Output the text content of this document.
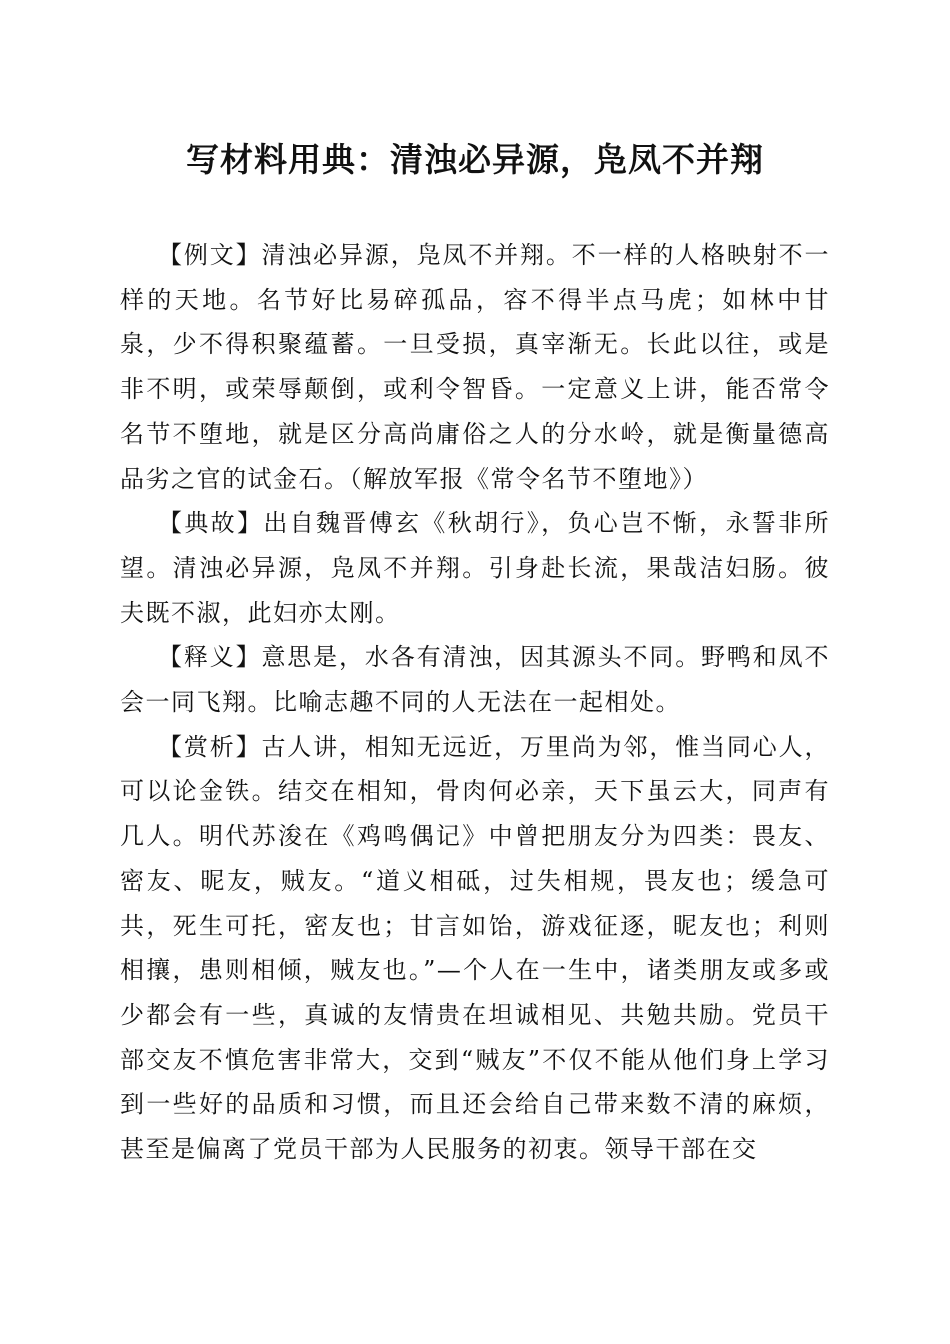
写材料用典：清浊必异源，凫凤不并翔

【例文】清浊必异源，凫凤不并翔。不一样的人格映射不一样的天地。名节好比易碎孤品，容不得半点马虎；如林中甘泉，少不得积聚蕴蓄。一旦受损，真宰渐无。长此以往，或是非不明，或荣辱颠倒，或利令智昏。一定意义上讲，能否常令名节不堕地，就是区分高尚庸俗之人的分水岭，就是衡量德高品劣之官的试金石。（解放军报《常令名节不堕地》）

【典故】出自魏晋傅玄《秋胡行》，负心岂不惭，永誓非所望。清浊必异源，凫凤不并翔。引身赴长流，果哉洁妇肠。彼夫既不淑，此妇亦太刚。

【释义】意思是，水各有清浊，因其源头不同。野鸭和凤不会一同飞翔。比喻志趣不同的人无法在一起相处。

【赏析】古人讲，相知无远近，万里尚为邻，惟当同心人，可以论金铁。结交在相知，骨肉何必亲，天下虽云大，同声有几人。明代苏浚在《鸡鸣偶记》中曾把朋友分为四类：畏友、密友、昵友，贼友。“道义相砥，过失相规，畏友也；缓急可共，死生可托，密友也；甘言如饴，游戏征逐，昵友也；利则相攘，患则相倾，贼友也。”—个人在一生中，诸类朋友或多或少都会有一些，真诚的友情贵在坦诚相见、共勉共励。党员干部交友不慎危害非常大，交到“贼友”不仅不能从他们身上学习到一些好的品质和习惯，而且还会给自己带来数不清的麻烦，甚至是偏离了党员干部为人民服务的初衷。领导干部在交
